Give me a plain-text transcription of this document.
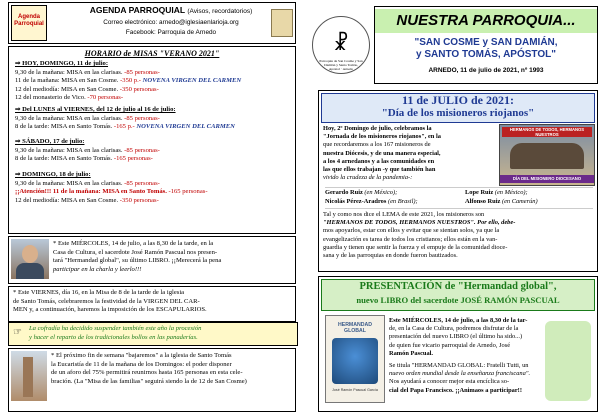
Agenda Parroquial
AGENDA PARROQUIAL (Avisos, recordatorios)
Correo electrónico: arnedo@iglesiaenlarioja.org
Facebook: Parroquia de Arnedo
HORARIO de MISAS "VERANO 2021"
⇒ HOY, DOMINGO, 11 de julio:
9,30 de la mañana: MISA en las clarisas. -85 personas-
11 de la mañana: MISA en San Cosme. -350 p.- NOVENA VIRGEN DEL CARMEN
12 del mediodía: MISA en San Cosme. -350 personas-
12 del monasterio de Vico. -70 personas-
⇒ Del LUNES al VIERNES, del 12 de julio al 16 de julio:
9,30 de la mañana: MISA en las clarisas. -85 personas-
8 de la tarde: MISA en Santo Tomás. -165 p.- NOVENA VIRGEN DEL CARMEN
⇒ SÁBADO, 17 de julio:
9,30 de la mañana: MISA en las clarisas. -85 personas-
8 de la tarde: MISA en Santo Tomás. -165 personas-
⇒ DOMINGO, 18 de julio:
9,30 de la mañana: MISA en las clarisas. -85 personas-
¡¡Atención!!! 11 de la mañana: MISA en Santo Tomás. -165 personas-
12 del mediodía: MISA en San Cosme. -350 personas-
* Este MIÉRCOLES, 14 de julio, a las 8,30 de la tarde, en la
Casa de Cultura, el sacerdote José Ramón Pascual nos presen-
tará "Hermandad global", su último LIBRO. ¡¡Merecerá la pena
participar en la charla y leerlo!!!
* Este VIERNES, día 16, en la Misa de 8 de la tarde de la iglesia
de Santo Tomás, celebraremos la festividad de la VIRGEN DEL CAR-
MEN y, a continuación, haremos la imposición de los ESCAPULARIOS.
La cofradía ha decidido suspender también este año la procesión
y hacer el reparto de los tradicionales bollos en las panaderías.
☞
* El próximo fin de semana "bajaremos" a la iglesia de Santo Tomás
la Eucaristía de 11 de la mañana de los Domingos: el poder disponer
de un aforo del 75% permitirá reunirnos hasta 165 personas en esta cele-
bración. (La "Misa de las familias" seguirá siendo la de 12 de San Cosme)
☧
Parroquia de San Cosme y San Damián y Santo Tomás, Apóstol · Arnedo
NUESTRA PARROQUIA...
"SAN COSME y SAN DAMIÁN,
y SANTO TOMÁS, APÓSTOL"
ARNEDO, 11 de julio de 2021, nº 1993
11 de JULIO de 2021:
"Día de los misioneros riojanos"
Hoy, 2º Domingo de julio, celebramos la
"Jornada de los misioneros riojanos", en la
que recordaremos a los 167 misioneros de
nuestra Diócesis, y de una manera especial,
a los 4 arnedanos y a las comunidades en
las que ellos trabajan -y que también han
vivido la crudeza de la pandemia-:
HERMANOS DE TODOS, HERMANOS NUESTROS
DÍA DEL MISIONERO DIOCESANO
Gerardo Ruiz (en México);	Lope Ruiz (en México);
Nicolás Pérez-Aradros (en Brasil);	Alfonso Ruiz (en Camerún)
Tal y como nos dice el LEMA de este 2021, los misioneros son
"HERMANOS DE TODOS, HERMANOS NUESTROS". Por ello, debe-
mos apoyarlos, estar con ellos y evitar que se sientan solos, ya que la
evangelización es tarea de todos los cristianos; ellos están en la van-
guardia y tienen que sentir la fuerza y el empuje de la comunidad dioce-
sana y de las parroquias en donde fueron bautizados.
PRESENTACIÓN de "Hermandad global",
nuevo LIBRO del sacerdote JOSÉ RAMÓN PASCUAL
HERMANDAD GLOBAL
José Ramón Pascual García
Este MIÉRCOLES, 14 de julio, a las 8,30 de la tar-
de, en la Casa de Cultura, podremos disfrutar de la
presentación del nuevo LIBRO (el último ha sido...)
de quien fue vicario parroquial de Arnedo, José
Ramón Pascual.
Se titula "HERMANDAD GLOBAL: Fratelli Tutti, un
nuevo orden mundial desde la enseñanza franciscana".
Nos ayudará a conocer mejor esta encíclica so-
cial del Papa Francisco. ¡¡Animaos a participar!!
